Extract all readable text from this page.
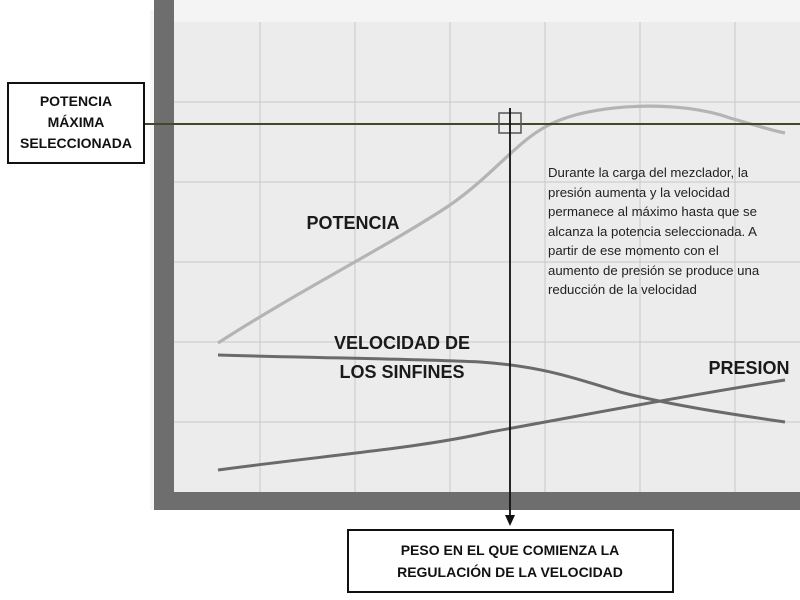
POTENCIA
MÁXIMA
SELECCIONADA
PESO EN EL QUE COMIENZA LA
REGULACIÓN DE LA VELOCIDAD
POTENCIA
VELOCIDAD DE
LOS SINFINES	PRESION
Durante la carga del mezclador, la
presión aumenta y la velocidad
permanece al máximo hasta que se
alcanza la potencia seleccionada. A
partir de ese momento con el
aumento de presión se produce una
reducción de la velocidad
